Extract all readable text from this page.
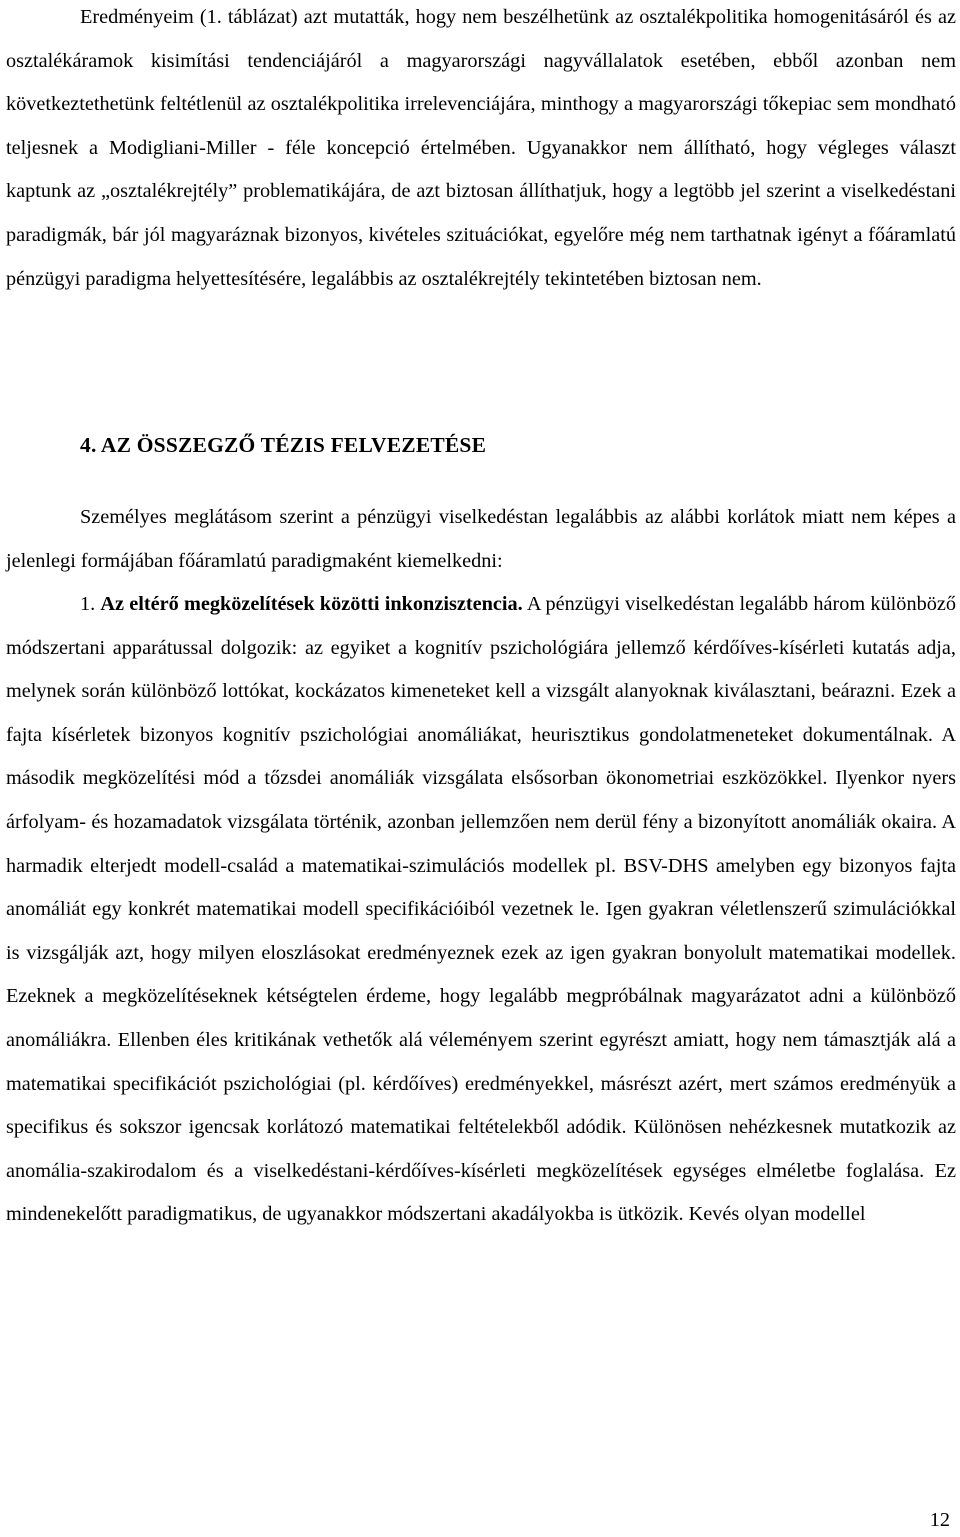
Eredményeim (1. táblázat) azt mutatták, hogy nem beszélhetünk az osztalékpolitika homogenitásáról és az osztalékáramok kisimítási tendenciájáról a magyarországi nagyvállalatok esetében, ebből azonban nem következtethetünk feltétlenül az osztalékpolitika irrelevenciájára, minthogy a magyarországi tőkepiac sem mondható teljesnek a Modigliani-Miller - féle koncepció értelmében. Ugyanakkor nem állítható, hogy végleges választ kaptunk az „osztalékrejtély” problematikájára, de azt biztosan állíthatjuk, hogy a legtöbb jel szerint a viselkedéstani paradigmák, bár jól magyaráznak bizonyos, kivételes szituációkat, egyelőre még nem tarthatnak igényt a főáramlatú pénzügyi paradigma helyettesítésére, legalábbis az osztalékrejtély tekintetében biztosan nem.

4. AZ ÖSSZEGZŐ TÉZIS FELVEZETÉSE

Személyes meglátásom szerint a pénzügyi viselkedéstan legalábbis az alábbi korlátok miatt nem képes a jelenlegi formájában főáramlatú paradigmaként kiemelkedni:

1. Az eltérő megközelítések közötti inkonzisztencia. A pénzügyi viselkedéstan legalább három különböző módszertani apparátussal dolgozik: az egyiket a kognitív pszichológiára jellemző kérdőíves-kísérleti kutatás adja, melynek során különböző lottókat, kockázatos kimeneteket kell a vizsgált alanyoknak kiválasztani, beárazni. Ezek a fajta kísérletek bizonyos kognitív pszichológiai anomáliákat, heurisztikus gondolatmeneteket dokumentálnak. A második megközelítési mód a tőzsdei anomáliák vizsgálata elsősorban ökonometriai eszközökkel. Ilyenkor nyers árfolyam- és hozamadatok vizsgálata történik, azonban jellemzően nem derül fény a bizonyított anomáliák okaira. A harmadik elterjedt modell-család a matematikai-szimulációs modellek pl. BSV-DHS amelyben egy bizonyos fajta anomáliát egy konkrét matematikai modell specifikációiból vezetnek le. Igen gyakran véletlenszerű szimulációkkal is vizsgálják azt, hogy milyen eloszlásokat eredményeznek ezek az igen gyakran bonyolult matematikai modellek. Ezeknek a megközelítéseknek kétségtelen érdeme, hogy legalább megpróbálnak magyarázatot adni a különböző anomáliákra. Ellenben éles kritikának vethetők alá véleményem szerint egyrészt amiatt, hogy nem támasztják alá a matematikai specifikációt pszichológiai (pl. kérdőíves) eredményekkel, másrészt azért, mert számos eredményük a specifikus és sokszor igencsak korlátozó matematikai feltételekből adódik. Különösen nehézkesnek mutatkozik az anomália-szakirodalom és a viselkedéstani-kérdőíves-kísérleti megközelítések egységes elméletbe foglalása. Ez mindenekelőtt paradigmatikus, de ugyanakkor módszertani akadályokba is ütközik. Kevés olyan modellel

12
